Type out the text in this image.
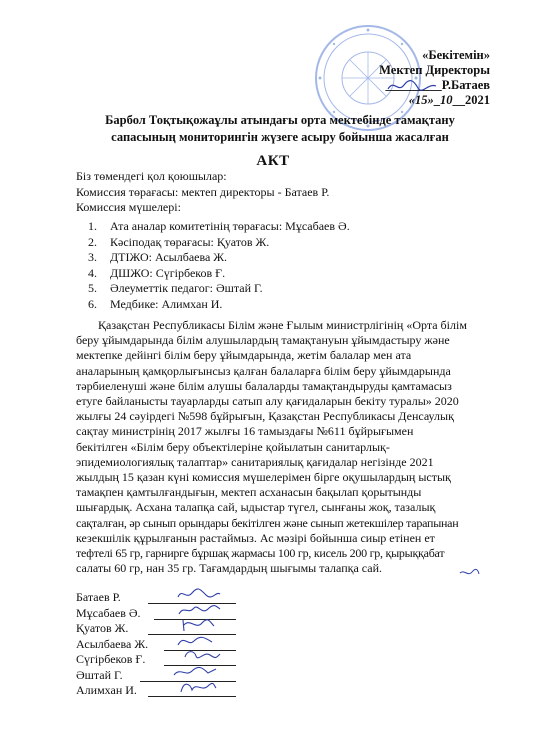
«Бекітемін»
Мектеп Директоры
_________Р.Батаев
«15»_10__2021
Барбол Тоқтықожаұлы атындағы орта мектебінде тамақтану
сапасының мониторингін жүзеге асыру бойынша жасалған
АКТ
Біз төмендегі қол қоюшылар:
Комиссия төрағасы: мектеп директоры - Батаев Р.
Комиссия мүшелері:
1. Ата аналар комитетінің төрағасы: Мұсабаев Ә.
2. Кәсіподақ төрағасы: Қуатов Ж.
3. ДТІЖО: Асылбаева Ж.
4. ДШЖО: Сүгірбеков Ғ.
5. Әлеуметтік педагог: Әштай Г.
6. Медбике: Алимхан И.
Қазақстан Республикасы Білім және Ғылым министрлігінің «Орта білім
беру ұйымдарында білім алушылардың тамақтануын ұйымдастыру және
мектепке дейінгі білім беру ұйымдарында, жетім балалар мен ата
аналарының қамқорлығынсыз қалған балаларға білім беру ұйымдарында
тәрбиеленуші және білім алушы балаларды тамақтандыруды қамтамасыз
етуге байланысты тауарларды сатып алу қағидаларын бекіту туралы» 2020
жылғы 24 сәуірдегі №598 бұйрығын, Қазақстан Республикасы Денсаулық
сақтау министрінің 2017 жылғы 16 тамыздағы №611 бұйрығымен
бекітілген «Білім беру объектілеріне қойылатын санитарлық-
эпидемиологиялық талаптар» санитариялық қағидалар негізінде 2021
жылдың 15 қазан күні комиссия мүшелерімен бірге оқушылардың ыстық
тамақпен қамтылғандығын, мектеп асханасын бақылап қорытынды
шығардық. Асхана талапқа сай, ыдыстар түгел, сынғаны жоқ, тазалық
сақталған, әр сынып орындары бекітілген және сынып жетекшілер тарапынан
кезекшілік құрылғанын растаймыз. Ас мәзірі бойынша сиыр етінен ет
тефтелі 65 гр, гарнирге бұршақ жармасы 100 гр, кисель 200 гр, қырыққабат
салаты 60 гр, нан 35 гр. Тағамдардың шығымы талапқа сай.
Батаев Р.
Мұсабаев Ә.
Қуатов Ж.
Асылбаева Ж.
Сүгірбеков Ғ.
Әштай Г.
Алимхан И.
